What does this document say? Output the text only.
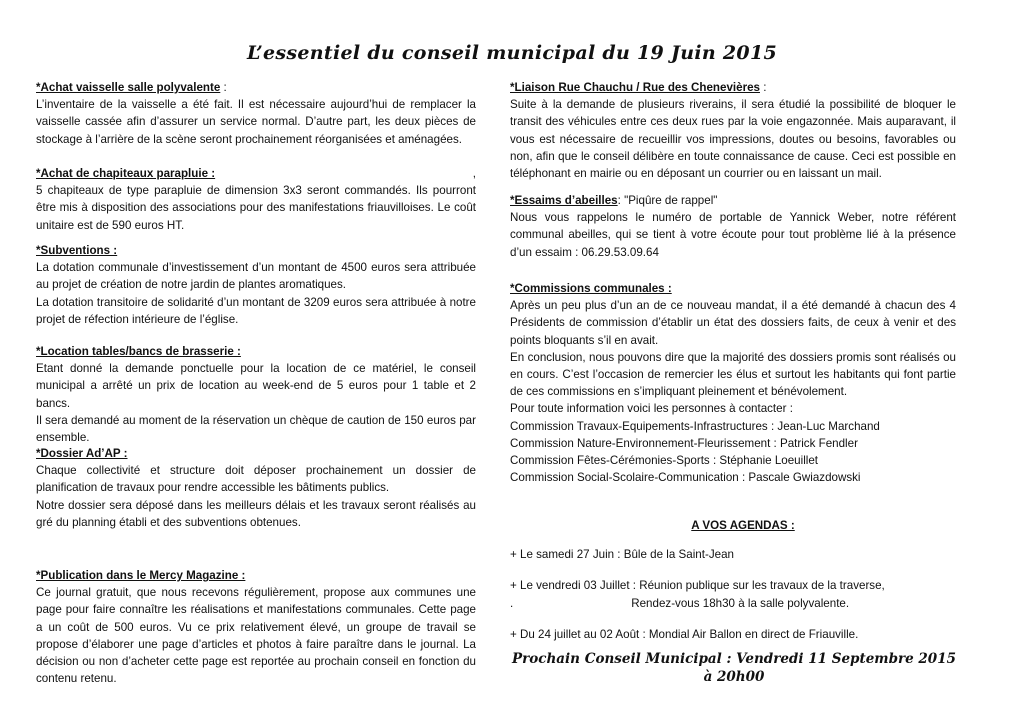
L’essentiel du conseil municipal du 19 Juin 2015
*Achat vaisselle salle polyvalente :

L’inventaire de la vaisselle a été fait. Il est nécessaire aujourd’hui de remplacer la vaisselle cassée afin d’assurer un service normal. D’autre part, les deux pièces de stockage à l’arrière de la scène seront prochainement réorganisées et aménagées.

*Achat de chapiteaux parapluie :	,

5 chapiteaux de type parapluie de dimension 3x3 seront commandés. Ils pourront être mis à disposition des associations pour des manifestations friauvilloises. Le coût unitaire est de 590 euros HT.

*Subventions :

La dotation communale d’investissement d’un montant de 4500 euros sera attribuée au projet de création de notre jardin de plantes aromatiques.

La dotation transitoire de solidarité d’un montant de 3209 euros sera attribuée à notre projet de réfection intérieure de l’église.

*Location tables/bancs de brasserie :

Etant donné la demande ponctuelle pour la location de ce matériel, le conseil municipal a arrêté un prix de location au week-end de 5 euros pour 1 table et 2 bancs.

Il sera demandé au moment de la réservation un chèque de caution de 150 euros par ensemble.

*Dossier Ad’AP :

Chaque collectivité et structure doit déposer prochainement un dossier de planification de travaux pour rendre accessible les bâtiments publics.

Notre dossier sera déposé dans les meilleurs délais et les travaux seront réalisés au gré du planning établi et des subventions obtenues.

*Publication dans le Mercy Magazine :

Ce journal gratuit, que nous recevons régulièrement, propose aux communes une page pour faire connaître les réalisations et manifestations communales. Cette page a un coût de 500 euros. Vu ce prix relativement élevé, un groupe de travail se propose d’élaborer une page d’articles et photos à faire paraître dans le journal. La décision ou non d’acheter cette page est reportée au prochain conseil en fonction du contenu retenu.

*Liaison Rue Chauchu / Rue des Chenevières :

Suite à la demande de plusieurs riverains, il sera étudié la possibilité de bloquer le transit des véhicules entre ces deux rues par la voie engazonnée. Mais auparavant, il vous est nécessaire de recueillir vos impressions, doutes ou besoins, favorables ou non, afin que le conseil délibère en toute connaissance de cause. Ceci est possible en téléphonant en mairie ou en déposant un courrier ou en laissant un mail.

*Essaims d’abeilles: "Piqûre de rappel"

Nous vous rappelons le numéro de portable de Yannick Weber, notre référent communal abeilles, qui se tient à votre écoute pour tout problème lié à la présence d’un essaim : 06.29.53.09.64

*Commissions communales :

Après un peu plus d’un an de ce nouveau mandat, il a été demandé à chacun des 4 Présidents de commission d’établir un état des dossiers faits, de ceux à venir et des points bloquants s’il en avait.

En conclusion, nous pouvons dire que la majorité des dossiers promis sont réalisés ou en cours. C’est l’occasion de remercier les élus et surtout les habitants qui font partie de ces commissions en s’impliquant pleinement et bénévolement.

Pour toute information voici les personnes à contacter :
Commission Travaux-Equipements-Infrastructures : Jean-Luc Marchand
Commission Nature-Environnement-Fleurissement : Patrick Fendler
Commission Fêtes-Cérémonies-Sports : Stéphanie Loeuillet
Commission Social-Scolaire-Communication : Pascale Gwiazdowski
A VOS AGENDAS :
+ Le samedi 27 Juin : Bûle de la Saint-Jean
+ Le vendredi 03 Juillet : Réunion publique sur les travaux de la traverse,
.	Rendez-vous 18h30 à la salle polyvalente.
+ Du 24 juillet au 02 Août : Mondial Air Ballon en direct de Friauville.
Prochain Conseil Municipal : Vendredi 11 Septembre 2015
à 20h00
